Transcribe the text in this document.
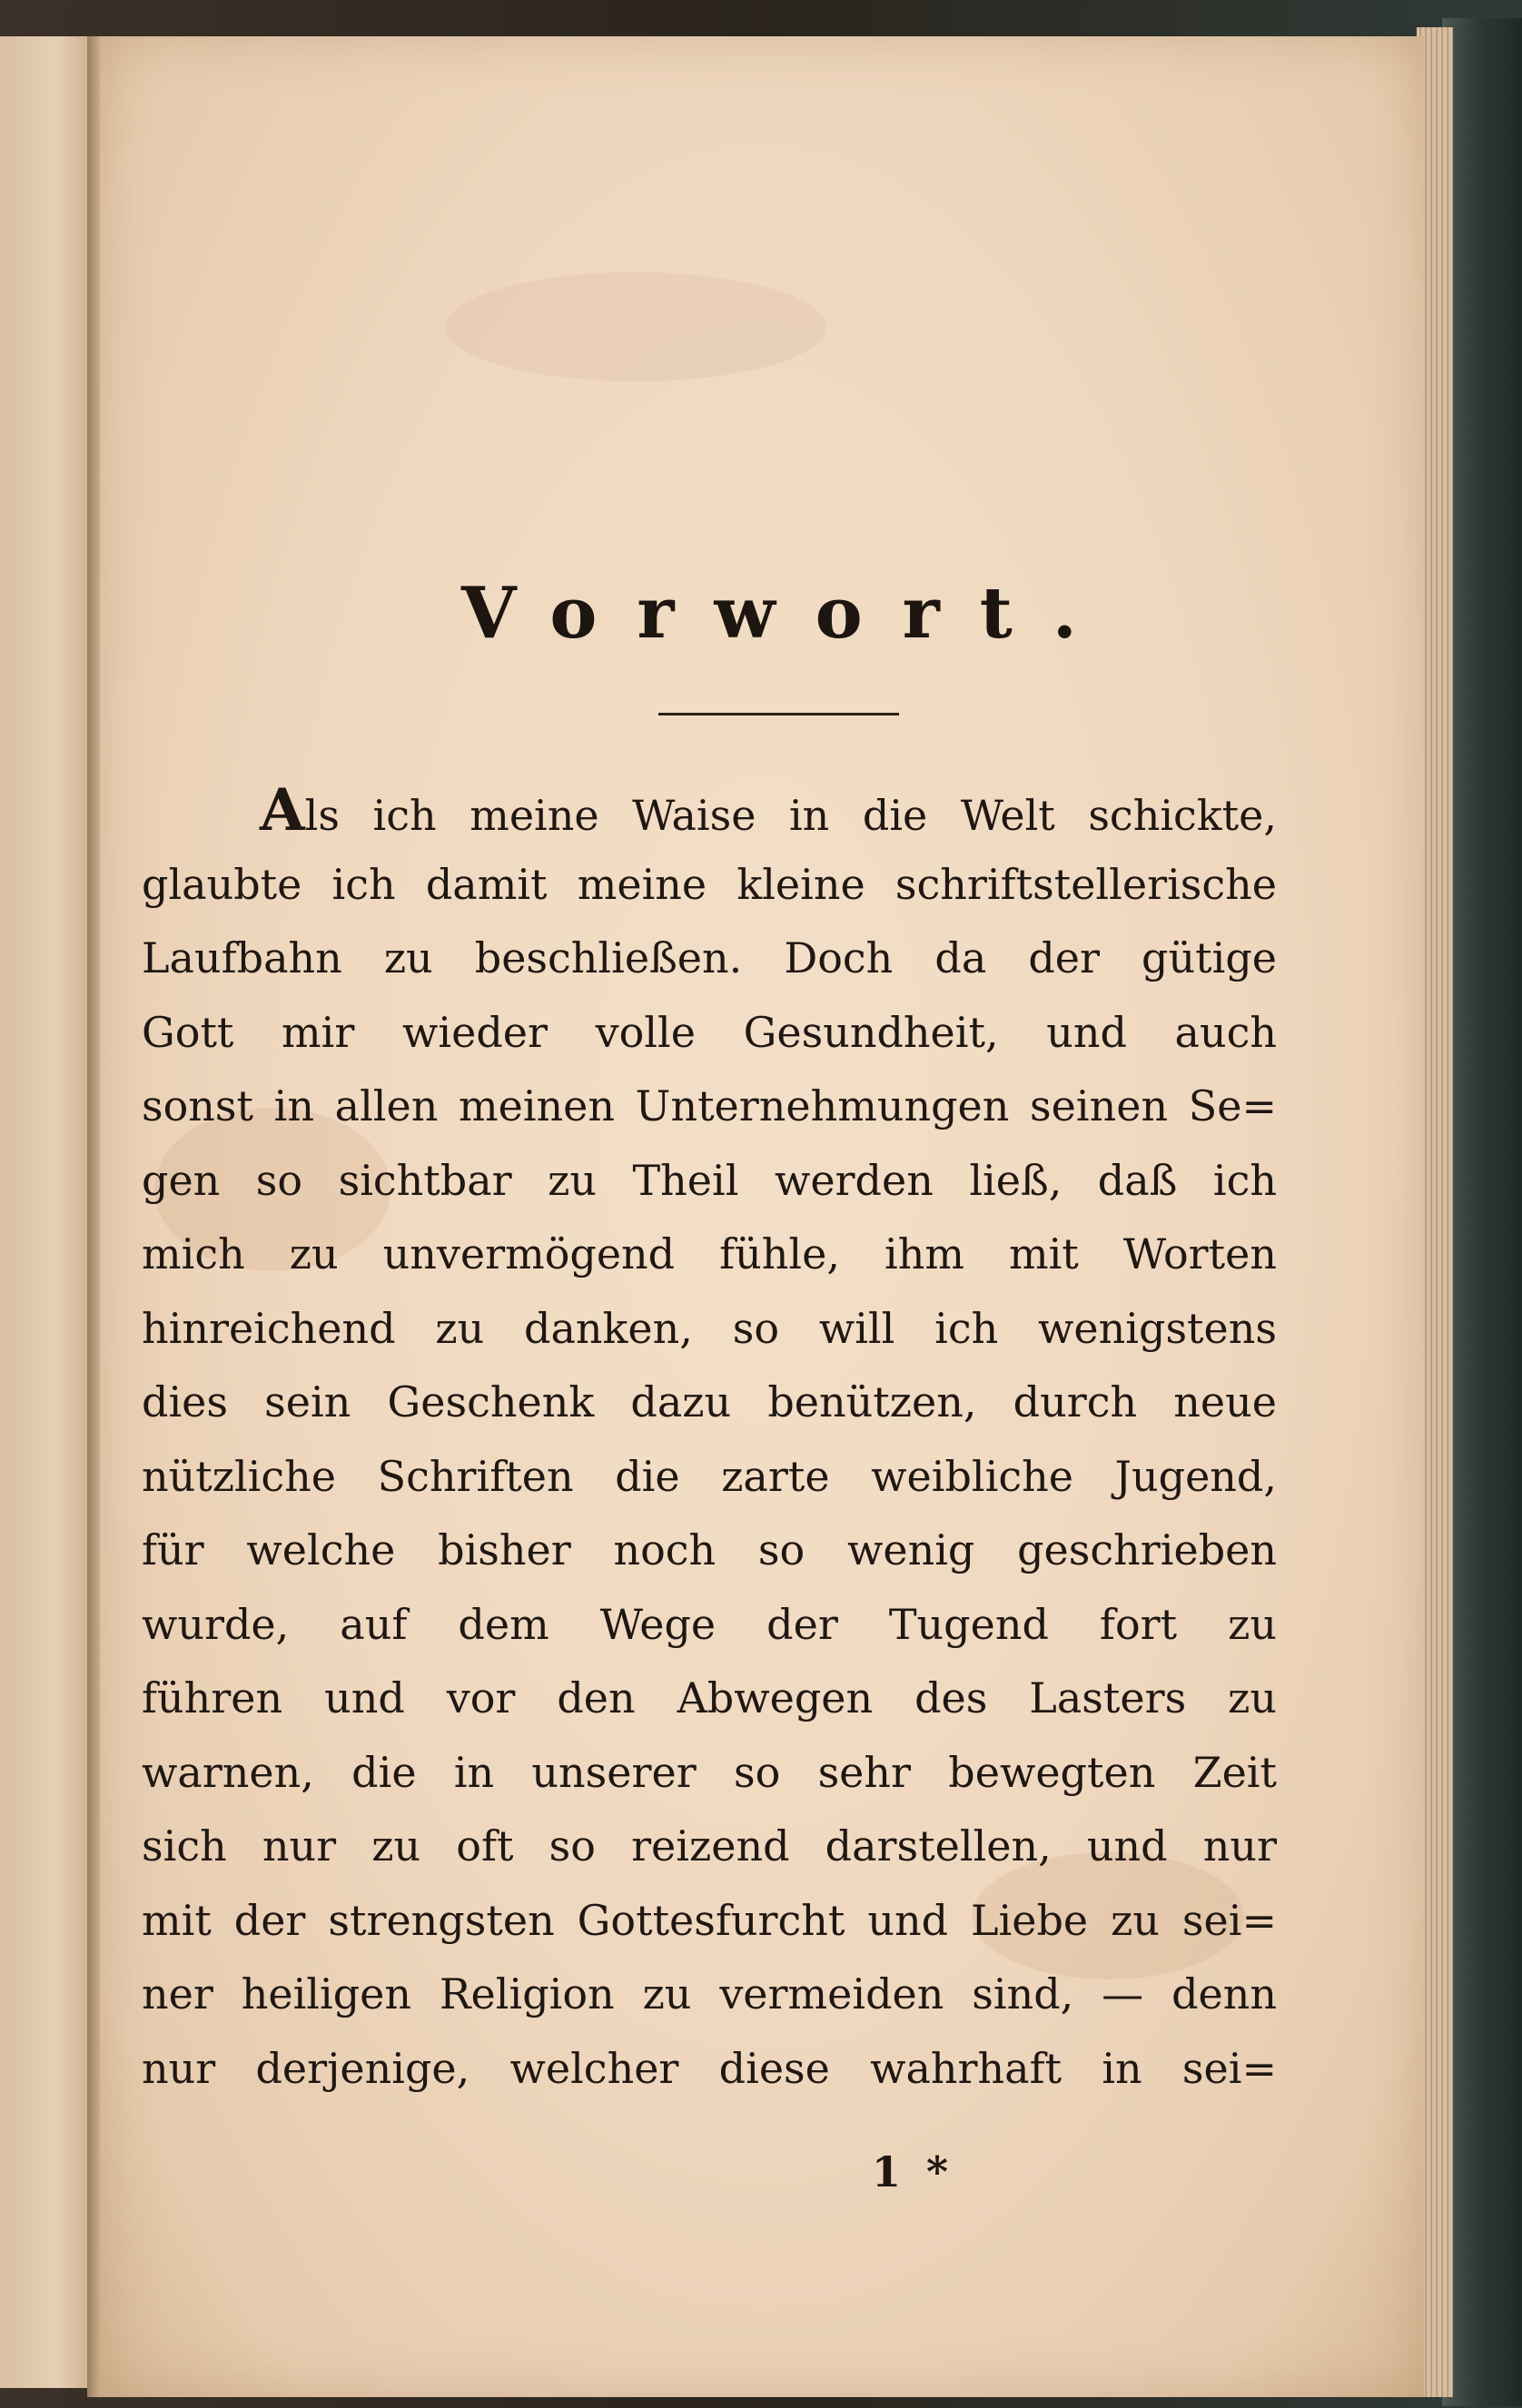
Vorwort.
Als ich meine Waise in die Welt schickte,
glaubte ich damit meine kleine schriftstellerische
Laufbahn zu beschließen. Doch da der gütige
Gott mir wieder volle Gesundheit, und auch
sonst in allen meinen Unternehmungen seinen Se=
gen so sichtbar zu Theil werden ließ, daß ich
mich zu unvermögend fühle, ihm mit Worten
hinreichend zu danken, so will ich wenigstens
dies sein Geschenk dazu benützen, durch neue
nützliche Schriften die zarte weibliche Jugend,
für welche bisher noch so wenig geschrieben
wurde, auf dem Wege der Tugend fort zu
führen und vor den Abwegen des Lasters zu
warnen, die in unserer so sehr bewegten Zeit
sich nur zu oft so reizend darstellen, und nur
mit der strengsten Gottesfurcht und Liebe zu sei=
ner heiligen Religion zu vermeiden sind, — denn
nur derjenige, welcher diese wahrhaft in sei=
1 *
